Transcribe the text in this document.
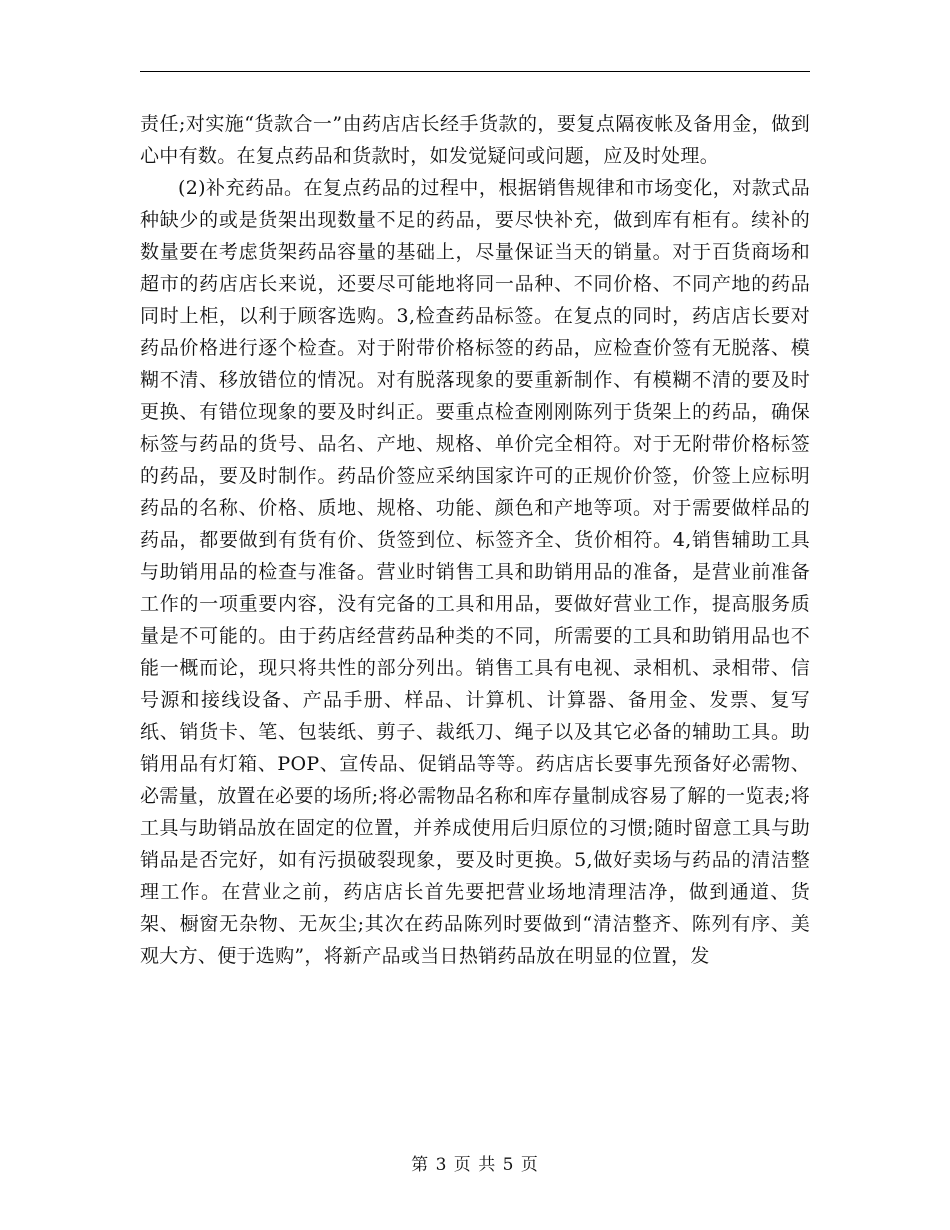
责任;对实施“货款合一”由药店店长经手货款的，要复点隔夜帐及备用金，做到心中有数。在复点药品和货款时，如发觉疑问或问题，应及时处理。

(2)补充药品。在复点药品的过程中，根据销售规律和市场变化，对款式品种缺少的或是货架出现数量不足的药品，要尽快补充，做到库有柜有。续补的数量要在考虑货架药品容量的基础上，尽量保证当天的销量。对于百货商场和超市的药店店长来说，还要尽可能地将同一品种、不同价格、不同产地的药品同时上柜，以利于顾客选购。3,检查药品标签。在复点的同时，药店店长要对药品价格进行逐个检查。对于附带价格标签的药品，应检查价签有无脱落、模糊不清、移放错位的情况。对有脱落现象的要重新制作、有模糊不清的要及时更换、有错位现象的要及时纠正。要重点检查刚刚陈列于货架上的药品，确保标签与药品的货号、品名、产地、规格、单价完全相符。对于无附带价格标签的药品，要及时制作。药品价签应采纳国家许可的正规价价签，价签上应标明药品的名称、价格、质地、规格、功能、颜色和产地等项。对于需要做样品的药品，都要做到有货有价、货签到位、标签齐全、货价相符。4,销售辅助工具与助销用品的检查与准备。营业时销售工具和助销用品的准备，是营业前准备工作的一项重要内容，没有完备的工具和用品，要做好营业工作，提高服务质量是不可能的。由于药店经营药品种类的不同，所需要的工具和助销用品也不能一概而论，现只将共性的部分列出。销售工具有电视、录相机、录相带、信号源和接线设备、产品手册、样品、计算机、计算器、备用金、发票、复写纸、销货卡、笔、包装纸、剪子、裁纸刀、绳子以及其它必备的辅助工具。助销用品有灯箱、POP、宣传品、促销品等等。药店店长要事先预备好必需物、必需量，放置在必要的场所;将必需物品名称和库存量制成容易了解的一览表;将工具与助销品放在固定的位置，并养成使用后归原位的习惯;随时留意工具与助销品是否完好，如有污损破裂现象，要及时更换。5,做好卖场与药品的清洁整理工作。在营业之前，药店店长首先要把营业场地清理洁净，做到通道、货架、橱窗无杂物、无灰尘;其次在药品陈列时要做到“清洁整齐、陈列有序、美观大方、便于选购”，将新产品或当日热销药品放在明显的位置，发

第 3 页 共 5 页
